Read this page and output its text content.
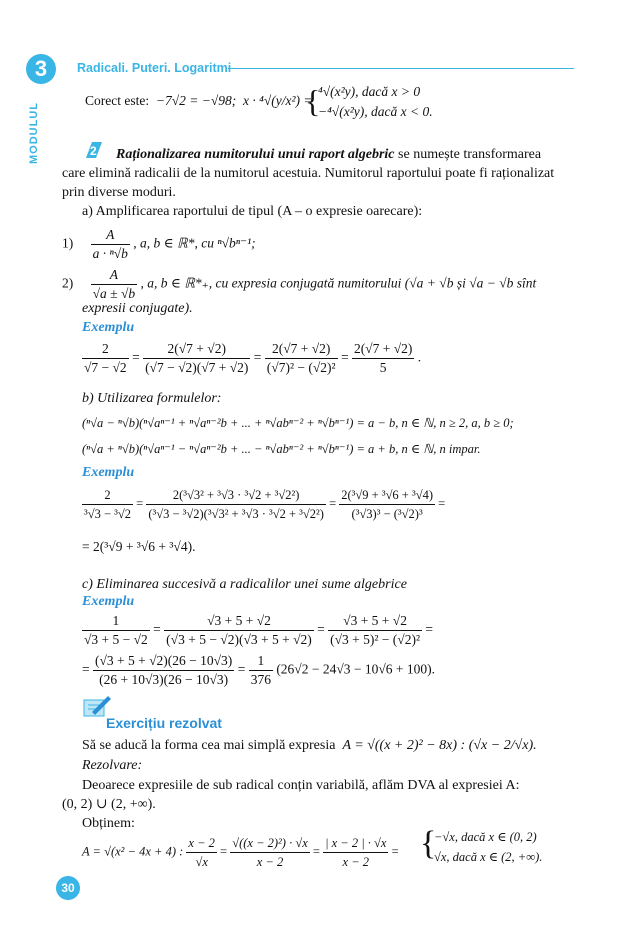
3
MODULUL
Radicali. Puteri. Logaritmi
Corect este: −7√2 = −√98; x · ⁴√(y/x²) =
{
⁴√(x²y), dacă x > 0
−⁴√(x²y), dacă x < 0.
2 Raționalizarea numitorului unui raport algebric se numește transformarea
care elimină radicalii de la numitorul acestuia. Numitorul raportului poate fi raționalizat
prin diverse moduri.
a) Amplificarea raportului de tipul (A – o expresie oarecare):
$1) \frac{A}{\text{a · ⁿ√b}}$ , a, b ∈ ℝ*, cu ⁿ√bⁿ⁻¹;
$2) \frac{A}{√a \pm √b}$ , a, b ∈ ℝ*₊, cu expresia conjugată numitorului (√a + √b și √a − √b sînt
expresii conjugate).
Exemplu
$\frac{2}{√7 - √2} = \frac{2(√7 + √2)}{(√7 - √2)(√7 + √2)} = \frac{2(√7 + √2)}{\text{(√7)² − (√2)²}} = \frac{2(√7 + √2)}{5}$ .
b) Utilizarea formulelor:
(ⁿ√a − ⁿ√b)(ⁿ√aⁿ⁻¹ + ⁿ√aⁿ⁻²b + ... + ⁿ√abⁿ⁻² + ⁿ√bⁿ⁻¹) = a − b, n ∈ ℕ, n ≥ 2, a, b ≥ 0;
(ⁿ√a + ⁿ√b)(ⁿ√aⁿ⁻¹ − ⁿ√aⁿ⁻²b + ... − ⁿ√abⁿ⁻² + ⁿ√bⁿ⁻¹) = a + b, n ∈ ℕ, n impar.
Exemplu
$\frac{2}{\text{³√3 − ³√2}} = \frac{\text{2(³√3² + ³√3 · ³√2 + ³√2²)}}{\text{(³√3 − ³√2)(³√3² + ³√3 · ³√2 + ³√2²)}} = \frac{\text{2(³√9 + ³√6 + ³√4)}}{\text{(³√3)³ − (³√2)³}}$ =
= 2(³√9 + ³√6 + ³√4).
c) Eliminarea succesivă a radicalilor unei sume algebrice
Exemplu
$\frac{1}{√3 + 5 - √2} = \frac{√3 + 5 + √2}{(√3 + 5 - √2)(√3 + 5 + √2)} = \frac{√3 + 5 + √2}{\text{(√3 + 5)² − (√2)²}}$ =
= $\frac{(√3 + 5 + √2)(26 - 10√3)}{(26 + 10√3)(26 - 10√3)} = \frac{1}{376} (26√2 - 24√3 - 10√6 + 100)$.
Exercițiu rezolvat
Să se aducă la forma cea mai simplă expresia A = √((x + 2)² − 8x) : (√x − 2/√x).
Rezolvare:
Deoarece expresiile de sub radical conțin variabilă, aflăm DVA al expresiei A:
(0, 2) ∪ (2, +∞).
Obținem:
A = √(x² − 4x + 4) : $\frac{x - 2}{√x} = \frac{\text{√((x − 2)²) · √x}}{x - 2} = \frac{| x - 2 | \cdot √x}{x - 2}$ = {
−√x, dacă x ∈ (0, 2)
√x, dacă x ∈ (2, +∞).
30
